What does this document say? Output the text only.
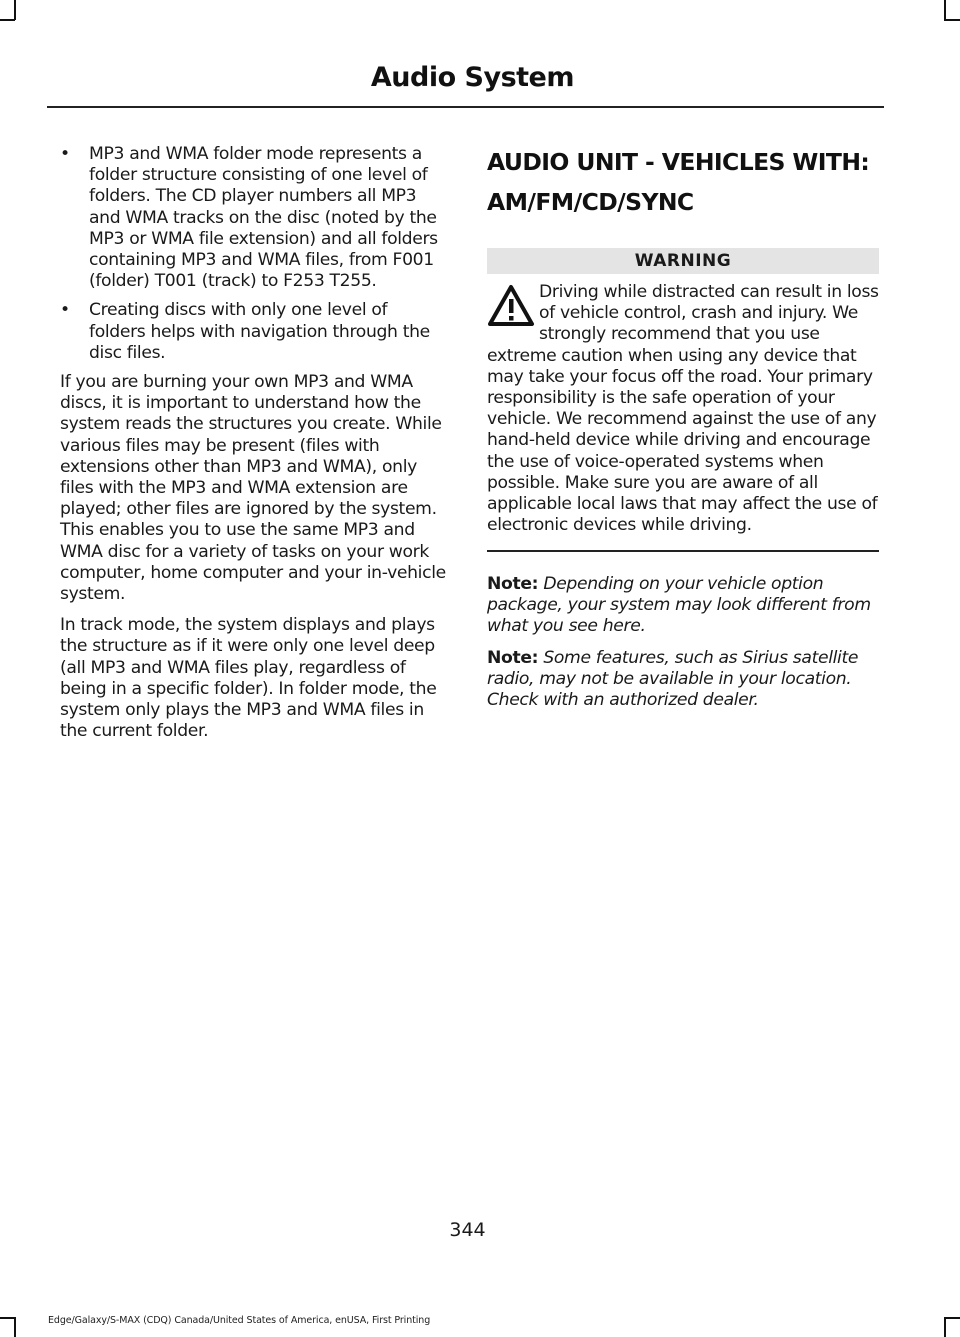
Audio System
• MP3 and WMA folder mode represents a folder structure consisting of one level of folders. The CD player numbers all MP3 and WMA tracks on the disc (noted by the MP3 or WMA file extension) and all folders containing MP3 and WMA files, from F001 (folder) T001 (track) to F253 T255.
• Creating discs with only one level of folders helps with navigation through the disc files.

If you are burning your own MP3 and WMA discs, it is important to understand how the system reads the structures you create. While various files may be present (files with extensions other than MP3 and WMA), only files with the MP3 and WMA extension are played; other files are ignored by the system. This enables you to use the same MP3 and WMA disc for a variety of tasks on your work computer, home computer and your in-vehicle system.

In track mode, the system displays and plays the structure as if it were only one level deep (all MP3 and WMA files play, regardless of being in a specific folder). In folder mode, the system only plays the MP3 and WMA files in the current folder.

AUDIO UNIT - VEHICLES WITH:
AM/FM/CD/SYNC
WARNING

Driving while distracted can result in loss of vehicle control, crash and injury. We strongly recommend that you use extreme caution when using any device that may take your focus off the road. Your primary responsibility is the safe operation of your vehicle. We recommend against the use of any hand-held device while driving and encourage the use of voice-operated systems when possible. Make sure you are aware of all applicable local laws that may affect the use of electronic devices while driving.

Note: Depending on your vehicle option package, your system may look different from what you see here.

Note: Some features, such as Sirius satellite radio, may not be available in your location. Check with an authorized dealer.

344
Edge/Galaxy/S-MAX (CDQ) Canada/United States of America, enUSA, First Printing
